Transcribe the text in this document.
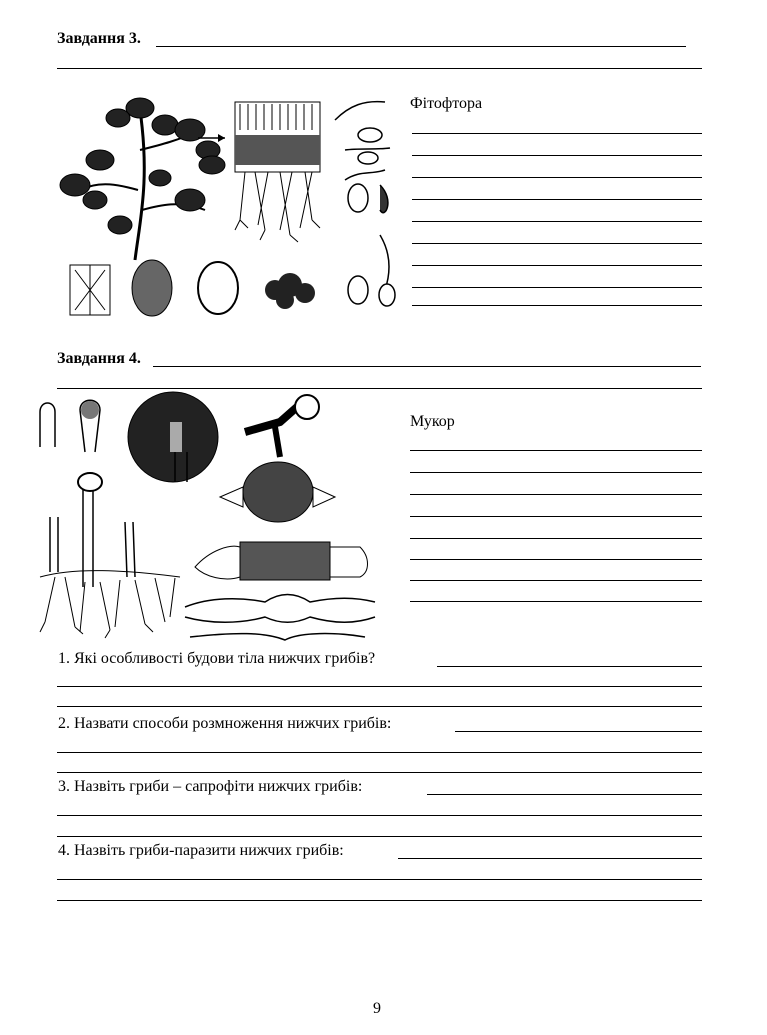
Завдання 3.
Фітофтора
Завдання 4.
Мукор
1. Які особливості будови тіла нижчих грибів?
2. Назвати способи розмноження нижчих грибів:
3. Назвіть гриби – сапрофіти нижчих грибів:
4. Назвіть гриби-паразити нижчих грибів:
9
